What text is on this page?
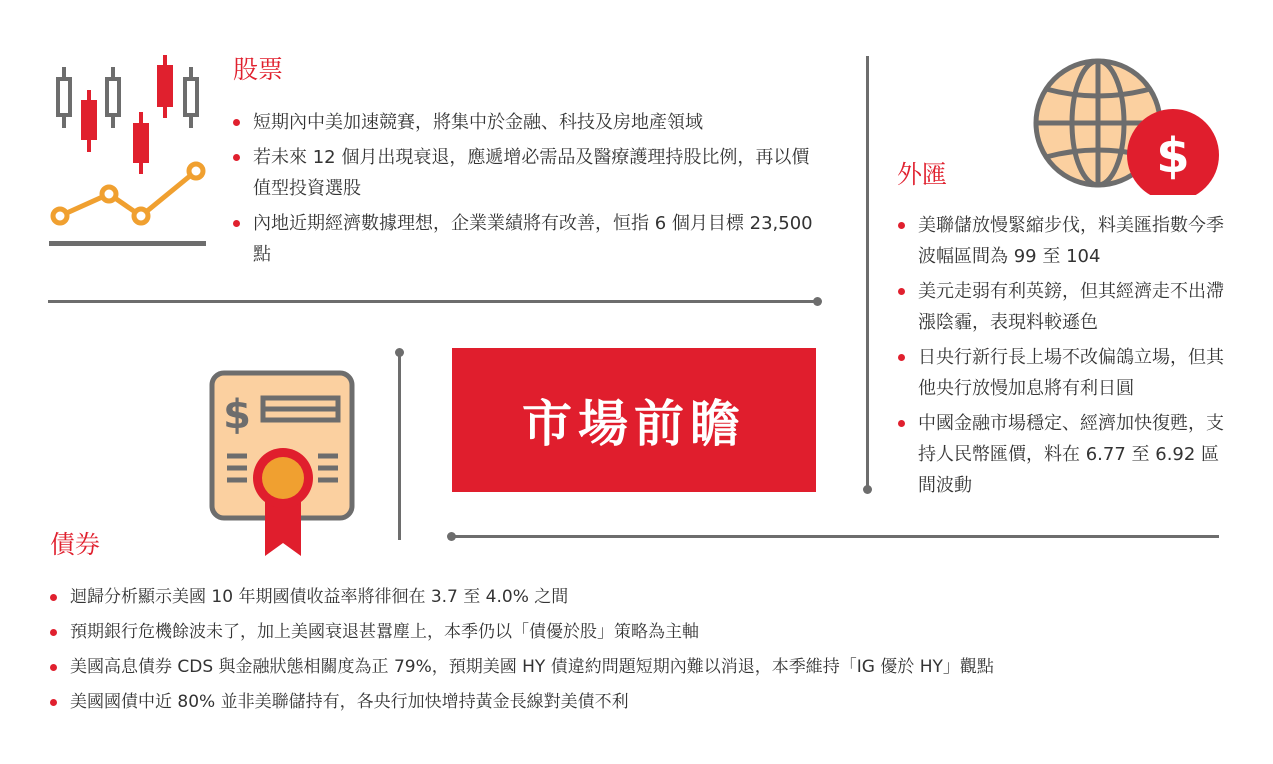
股票
短期內中美加速競賽，將集中於金融、科技及房地產領域
若未來 12 個月出現衰退，應遞增必需品及醫療護理持股比例，再以價值型投資選股
內地近期經濟數據理想，企業業績將有改善，恒指 6 個月目標 23,500 點
$
外匯
美聯儲放慢緊縮步伐，料美匯指數今季波幅區間為 99 至 104
美元走弱有利英鎊，但其經濟走不出滯漲陰霾，表現料較遜色
日央行新行長上場不改偏鴿立場，但其他央行放慢加息將有利日圓
中國金融市場穩定、經濟加快復甦，支持人民幣匯價，料在 6.77 至 6.92 區間波動
市場前瞻
$
債券
迴歸分析顯示美國 10 年期國債收益率將徘徊在 3.7 至 4.0% 之間
預期銀行危機餘波未了，加上美國衰退甚囂塵上，本季仍以「債優於股」策略為主軸
美國高息債券 CDS 與金融狀態相關度為正 79%，預期美國 HY 債違約問題短期內難以消退，本季維持「IG 優於 HY」觀點
美國國債中近 80% 並非美聯儲持有，各央行加快增持黃金長線對美債不利
